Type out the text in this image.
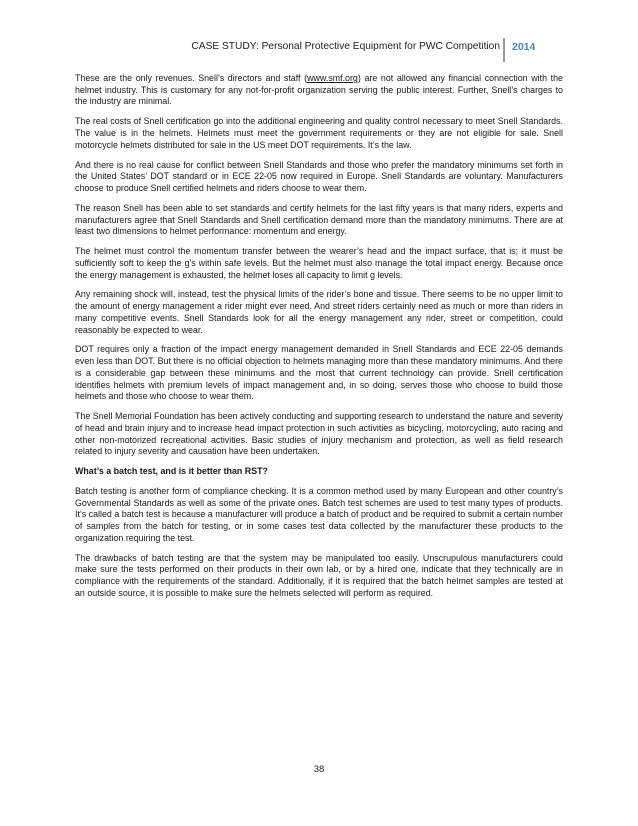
CASE STUDY: Personal Protective Equipment for PWC Competition 2014

These are the only revenues. Snell’s directors and staff (www.smf.org) are not allowed any financial connection with the helmet industry. This is customary for any not-for-profit organization serving the public interest. Further, Snell’s charges to the industry are minimal.

The real costs of Snell certification go into the additional engineering and quality control necessary to meet Snell Standards. The value is in the helmets. Helmets must meet the government requirements or they are not eligible for sale. Snell motorcycle helmets distributed for sale in the US meet DOT requirements. It’s the law.

And there is no real cause for conflict between Snell Standards and those who prefer the mandatory minimums set forth in the United States’ DOT standard or in ECE 22-05 now required in Europe. Snell Standards are voluntary. Manufacturers choose to produce Snell certified helmets and riders choose to wear them.

The reason Snell has been able to set standards and certify helmets for the last fifty years is that many riders, experts and manufacturers agree that Snell Standards and Snell certification demand more than the mandatory minimums. There are at least two dimensions to helmet performance: momentum and energy.

The helmet must control the momentum transfer between the wearer’s head and the impact surface, that is; it must be sufficiently soft to keep the g’s within safe levels. But the helmet must also manage the total impact energy. Because once the energy management is exhausted, the helmet loses all capacity to limit g levels.

Any remaining shock will, instead, test the physical limits of the rider’s bone and tissue. There seems to be no upper limit to the amount of energy management a rider might ever need. And street riders certainly need as much or more than riders in many competitive events. Snell Standards look for all the energy management any rider, street or competition, could reasonably be expected to wear.

DOT requires only a fraction of the impact energy management demanded in Snell Standards and ECE 22-05 demands even less than DOT. But there is no official objection to helmets managing more than these mandatory minimums. And there is a considerable gap between these minimums and the most that current technology can provide. Snell certification identifies helmets with premium levels of impact management and, in so doing, serves those who choose to build those helmets and those who choose to wear them.

The Snell Memorial Foundation has been actively conducting and supporting research to understand the nature and severity of head and brain injury and to increase head impact protection in such activities as bicycling, motorcycling, auto racing and other non-motorized recreational activities. Basic studies of injury mechanism and protection, as well as field research related to injury severity and causation have been undertaken.

What’s a batch test, and is it better than RST?

Batch testing is another form of compliance checking. It is a common method used by many European and other country’s Governmental Standards as well as some of the private ones. Batch test schemes are used to test many types of products. It’s called a batch test is because a manufacturer will produce a batch of product and be required to submit a certain number of samples from the batch for testing, or in some cases test data collected by the manufacturer these products to the organization requiring the test.

The drawbacks of batch testing are that the system may be manipulated too easily. Unscrupulous manufacturers could make sure the tests performed on their products in their own lab, or by a hired one, indicate that they technically are in compliance with the requirements of the standard. Additionally, if it is required that the batch helmet samples are tested at an outside source, it is possible to make sure the helmets selected will perform as required.

38
